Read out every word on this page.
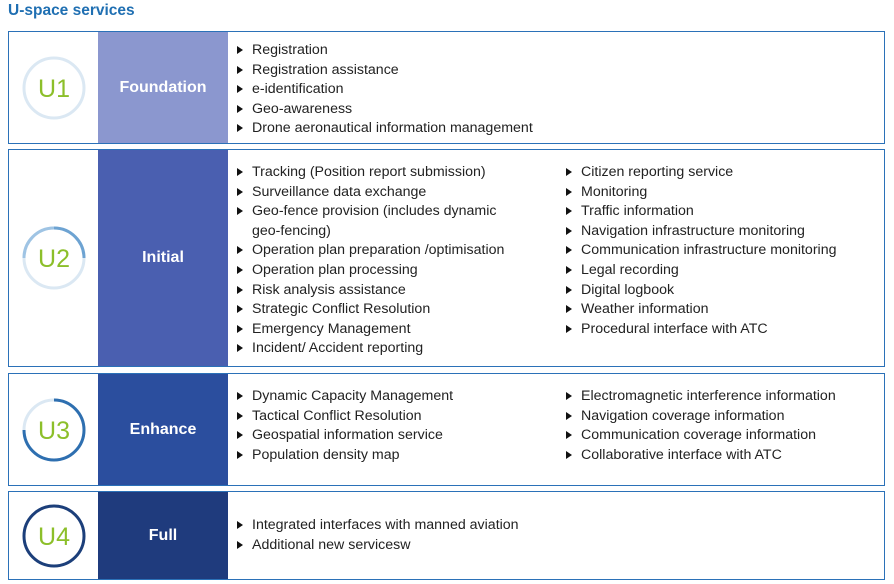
U-space services
U1	Foundation
Registration
Registration assistance
e-identification
Geo-awareness
Drone aeronautical information management
U2	Initial
Tracking (Position report submission)
Surveillance data exchange
Geo-fence provision (includes dynamic geo-fencing)
Operation plan preparation /optimisation
Operation plan processing
Risk analysis assistance
Strategic Conflict Resolution
Emergency Management
Incident/ Accident reporting
Citizen reporting service
Monitoring
Traffic information
Navigation infrastructure monitoring
Communication infrastructure monitoring
Legal recording
Digital logbook
Weather information
Procedural interface with ATC
U3	Enhance
Dynamic Capacity Management
Tactical Conflict Resolution
Geospatial information service
Population density map
Electromagnetic interference information
Navigation coverage information
Communication coverage information
Collaborative interface with ATC
U4	Full
Integrated interfaces with manned aviation
Additional new servicesw
